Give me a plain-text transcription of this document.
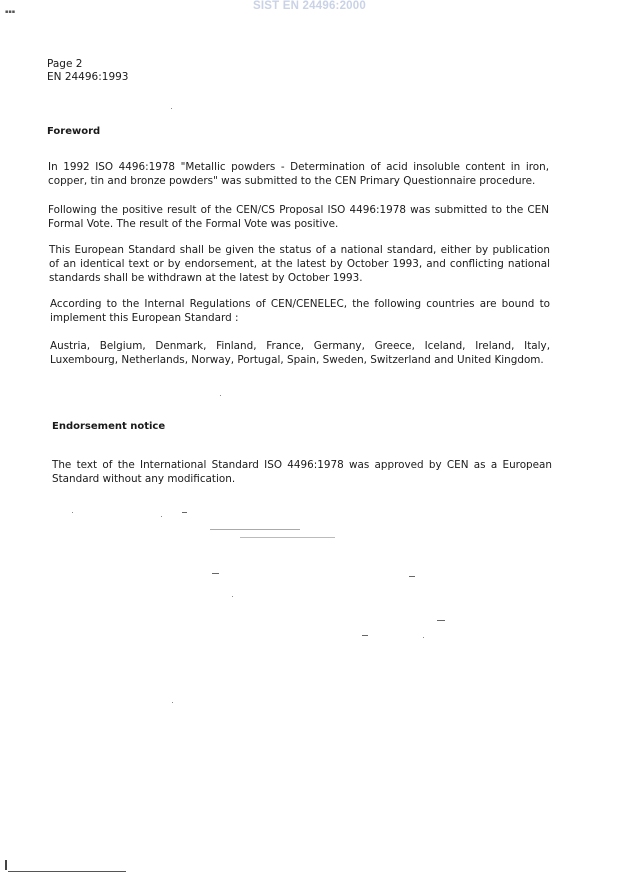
SIST EN 24496:2000
▪▪▪
Page 2
EN 24496:1993
Foreword

In 1992 ISO 4496:1978 "Metallic powders - Determination of acid insoluble content in iron, copper, tin and bronze powders" was submitted to the CEN Primary Questionnaire procedure.

Following the positive result of the CEN/CS Proposal ISO 4496:1978 was submitted to the CEN Formal Vote. The result of the Formal Vote was positive.

This European Standard shall be given the status of a national standard, either by publication of an identical text or by endorsement, at the latest by October 1993, and conflicting national standards shall be withdrawn at the latest by October 1993.

According to the Internal Regulations of CEN/CENELEC, the following countries are bound to implement this European Standard :

Austria, Belgium, Denmark, Finland, France, Germany, Greece, Iceland, Ireland, Italy, Luxembourg, Netherlands, Norway, Portugal, Spain, Sweden, Switzerland and United Kingdom.

Endorsement notice

The text of the International Standard ISO 4496:1978 was approved by CEN as a European Standard without any modification.
